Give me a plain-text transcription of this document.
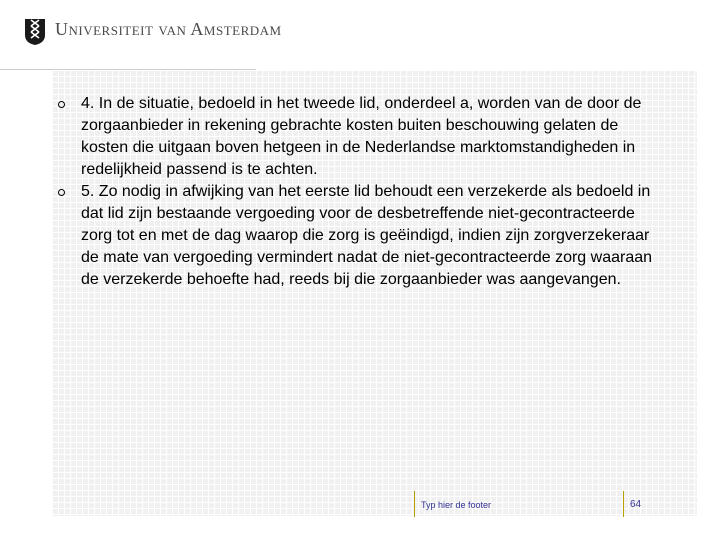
Universiteit van Amsterdam
4. In de situatie, bedoeld in het tweede lid, onderdeel a, worden van de door de zorgaanbieder in rekening gebrachte kosten buiten beschouwing gelaten de kosten die uitgaan boven hetgeen in de Nederlandse marktomstandigheden in redelijkheid passend is te achten.
5. Zo nodig in afwijking van het eerste lid behoudt een verzekerde als bedoeld in dat lid zijn bestaande vergoeding voor de desbetreffende niet-gecontracteerde zorg tot en met de dag waarop die zorg is geëindigd, indien zijn zorgverzekeraar de mate van vergoeding vermindert nadat de niet-gecontracteerde zorg waaraan de verzekerde behoefte had, reeds bij die zorgaanbieder was aangevangen.
Typ hier de footer	64
